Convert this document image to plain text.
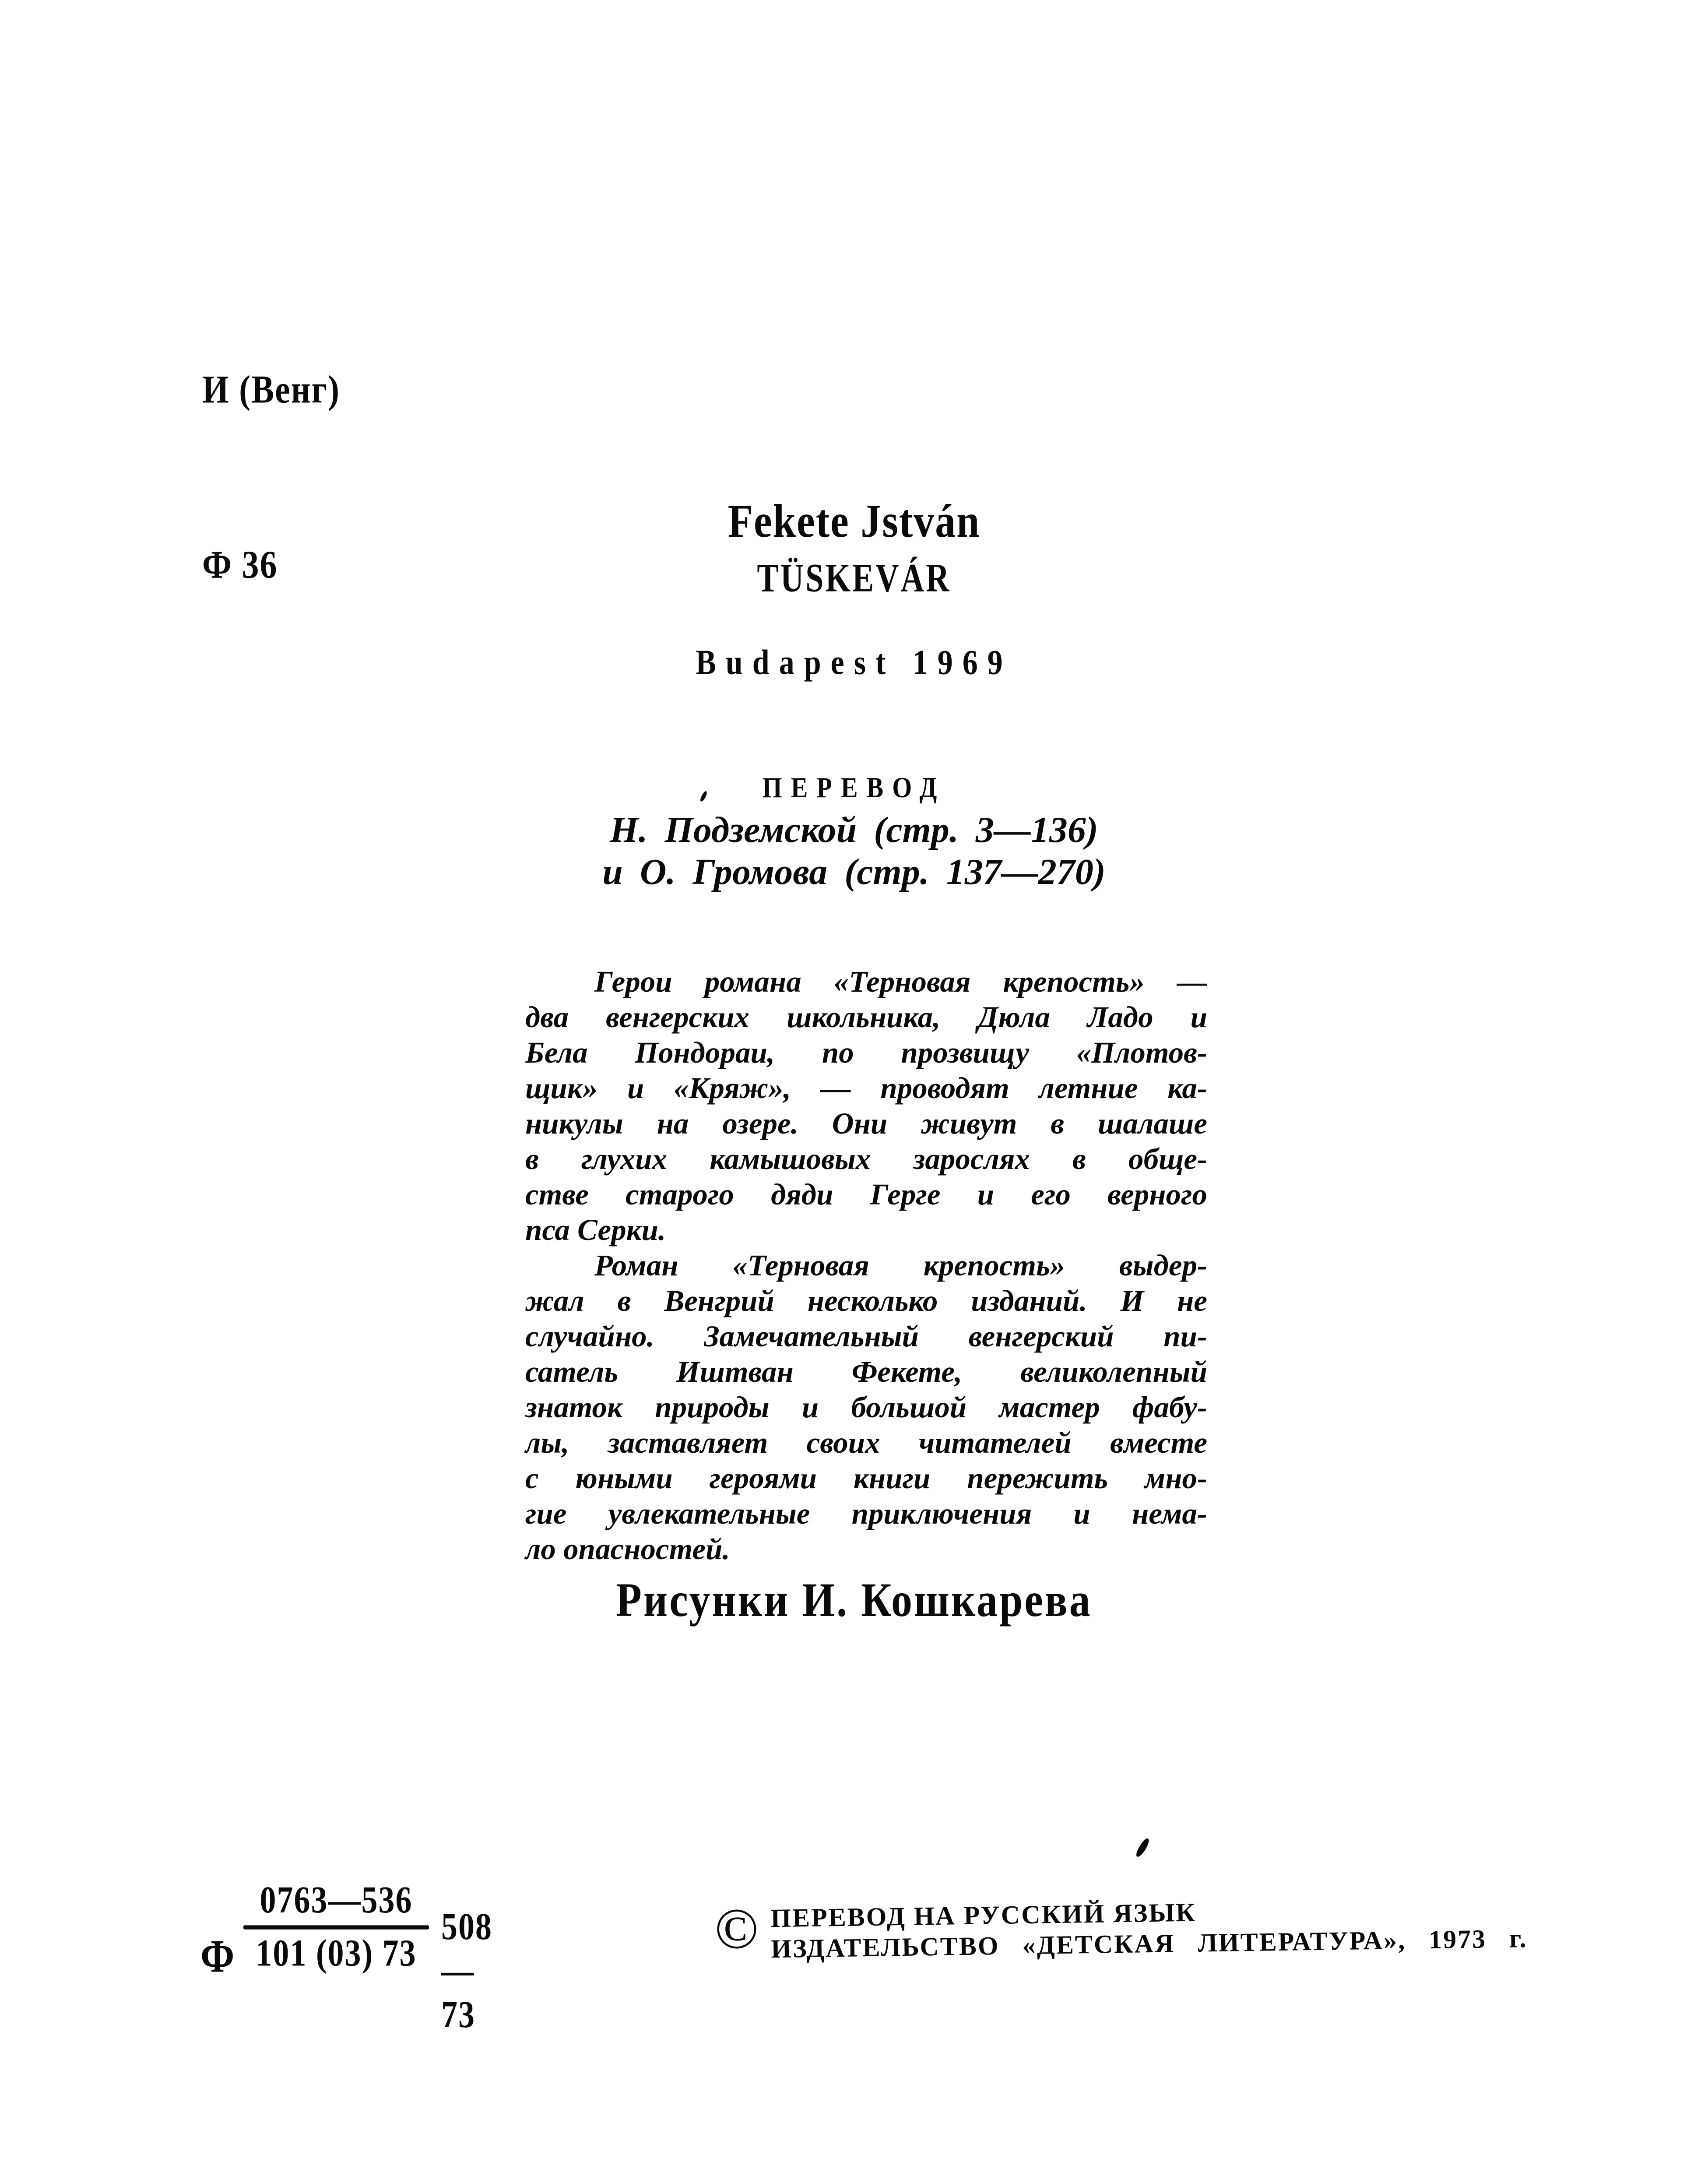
И (Венг)

Ф 36

Fekete Jstván
TÜSKEVÁR
Budapest 1969
ПЕРЕВОД
Н. Подземской (стр. 3—136)
и О. Громова (стр. 137—270)
Герои романа «Терновая крепость» —
два венгерских школьника, Дюла Ладо и
Бела Пондораи, по прозвищу «Плотов-
щик» и «Кряж», — проводят летние ка-
никулы на озере. Они живут в шалаше
в глухих камышовых зарослях в обще-
стве старого дяди Герге и его верного
пса Серки.
Роман «Терновая крепость» выдер-
жал в Венгрий несколько изданий. И не
случайно. Замечательный венгерский пи-
сатель Иштван Фекете, великолепный
знаток природы и большой мастер фабу-
лы, заставляет своих читателей вместе
с юными героями книги пережить мно-
гие увлекательные приключения и нема-
ло опасностей.
Рисунки И. Кошкарева
Ф
0763—536
101 (03) 73
508—73
© ПЕРЕВОД НА РУССКИЙ ЯЗЫК
ИЗДАТЕЛЬСТВО «ДЕТСКАЯ ЛИТЕРАТУРА», 1973 г.
